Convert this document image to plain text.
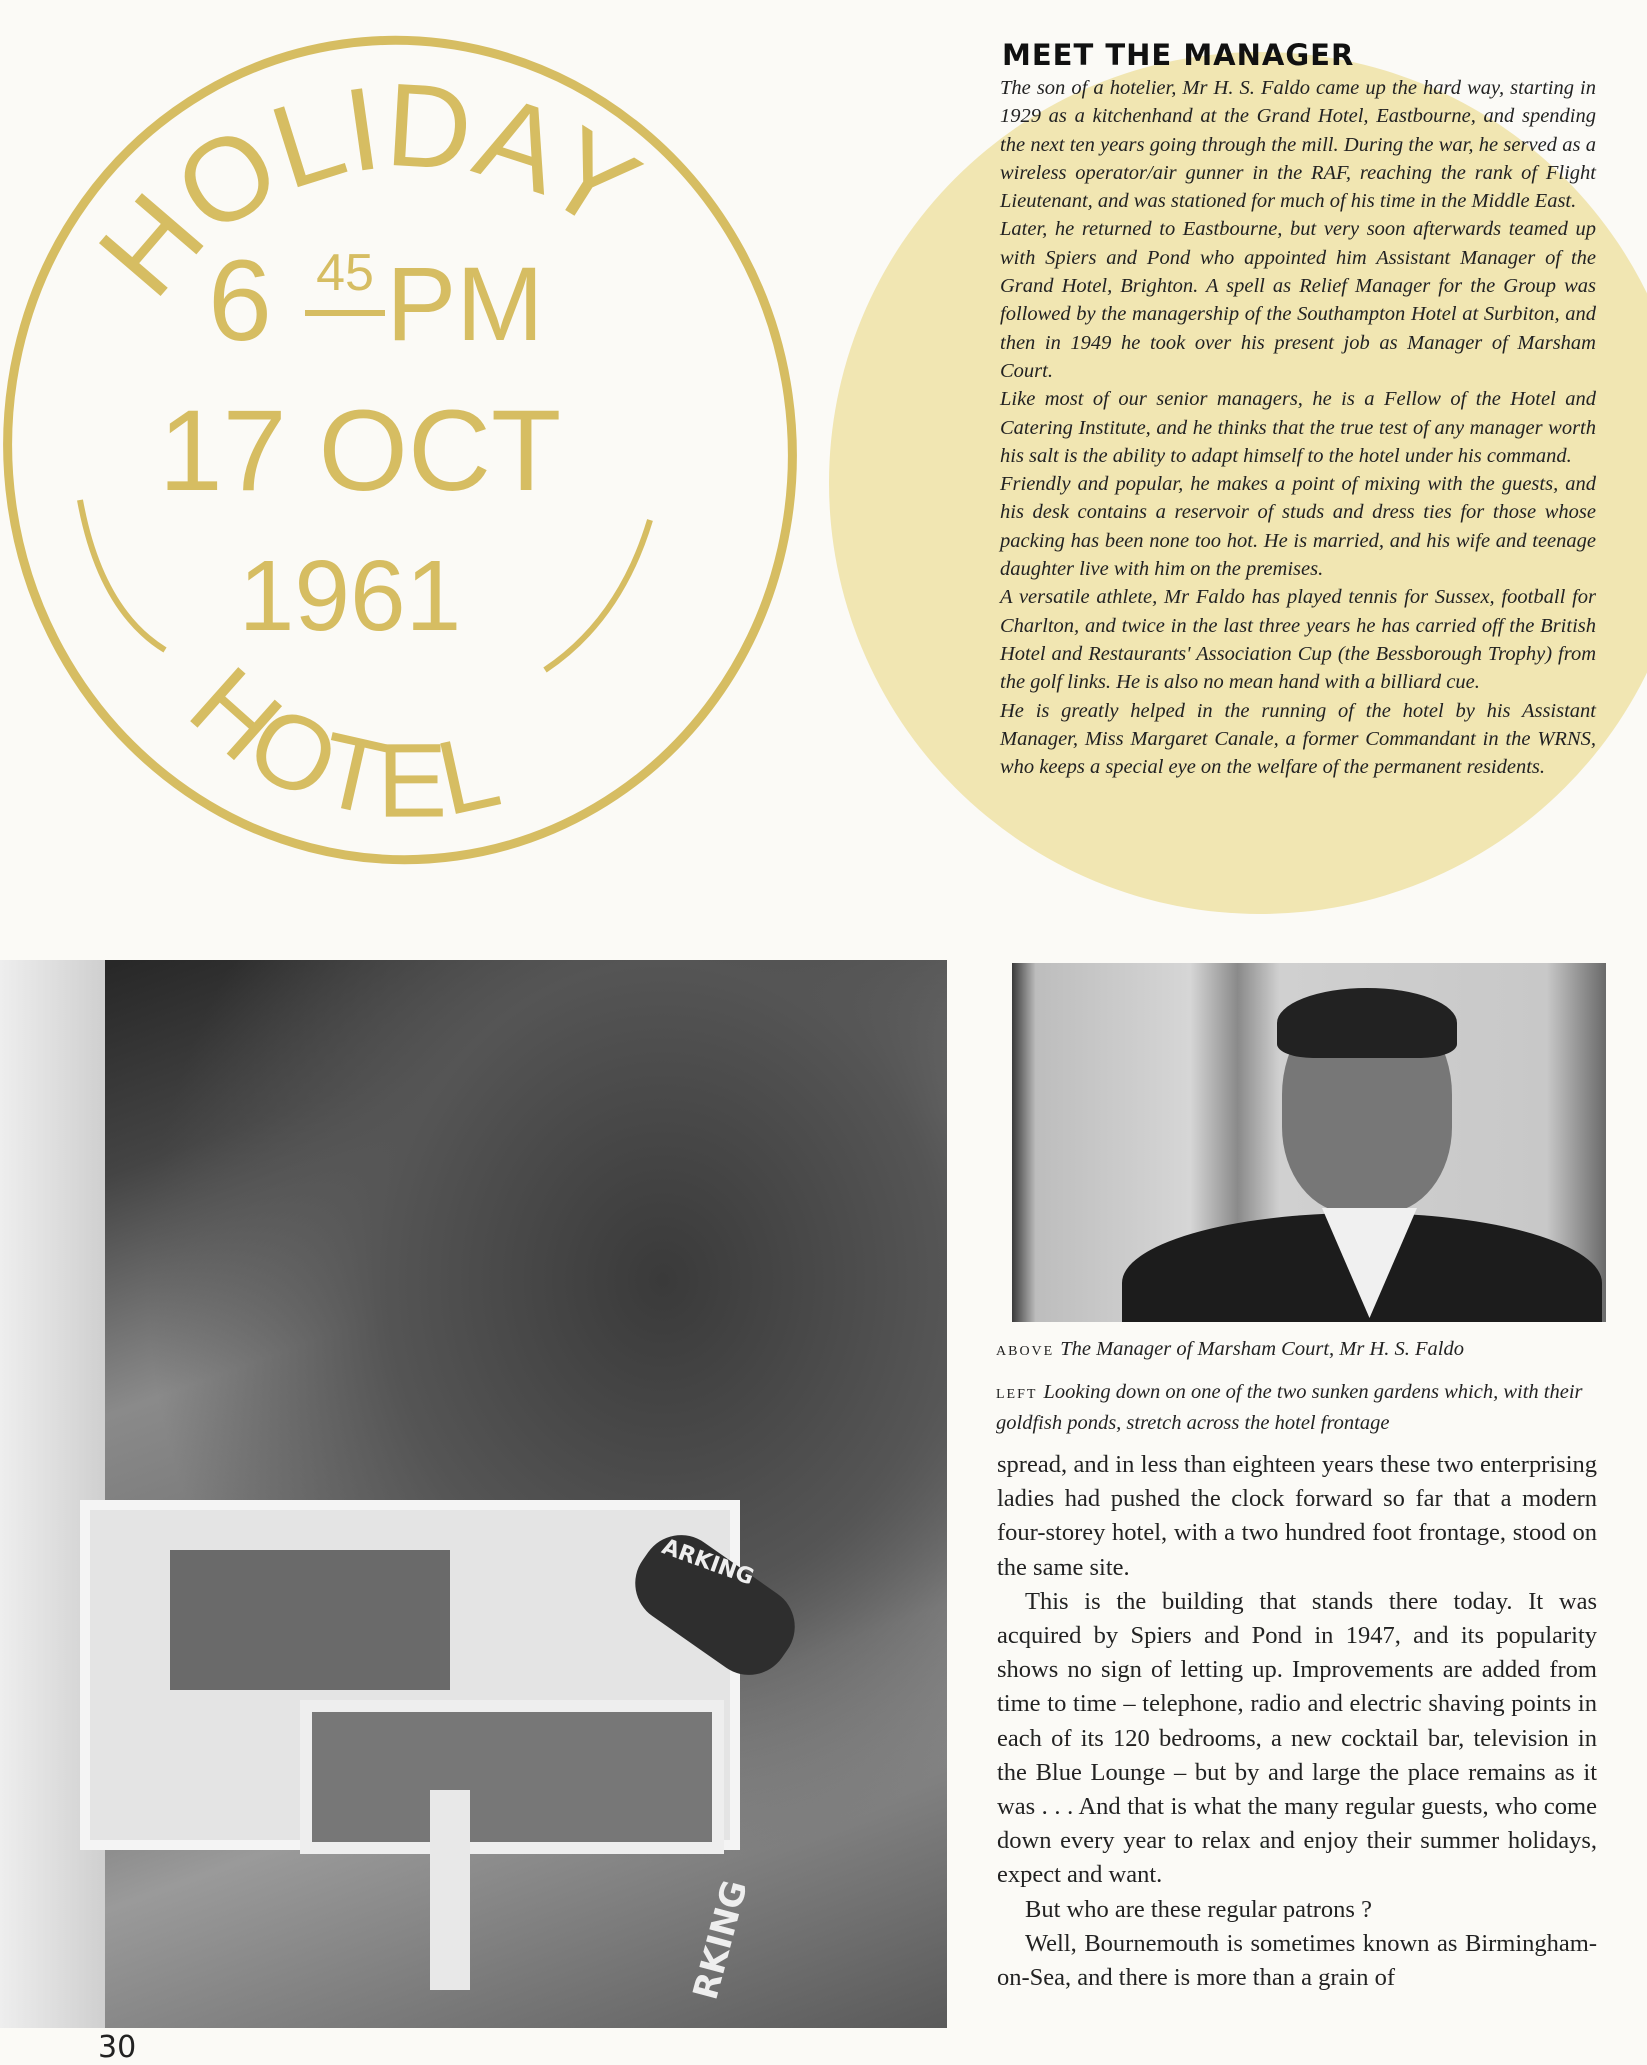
HOLIDAY
6 45 PM
17 OCT
1961
HOTEL
MEET THE MANAGER

The son of a hotelier, Mr H. S. Faldo came up the hard way, starting in 1929 as a kitchenhand at the Grand Hotel, Eastbourne, and spending the next ten years going through the mill. During the war, he served as a wireless operator/air gunner in the RAF, reaching the rank of Flight Lieutenant, and was stationed for much of his time in the Middle East.

Later, he returned to Eastbourne, but very soon afterwards teamed up with Spiers and Pond who appointed him Assistant Manager of the Grand Hotel, Brighton. A spell as Relief Manager for the Group was followed by the managership of the Southampton Hotel at Surbiton, and then in 1949 he took over his present job as Manager of Marsham Court.

Like most of our senior managers, he is a Fellow of the Hotel and Catering Institute, and he thinks that the true test of any manager worth his salt is the ability to adapt himself to the hotel under his command.

Friendly and popular, he makes a point of mixing with the guests, and his desk contains a reservoir of studs and dress ties for those whose packing has been none too hot. He is married, and his wife and teenage daughter live with him on the premises.

A versatile athlete, Mr Faldo has played tennis for Sussex, football for Charlton, and twice in the last three years he has carried off the British Hotel and Restaurants' Association Cup (the Bessborough Trophy) from the golf links. He is also no mean hand with a billiard cue.

He is greatly helped in the running of the hotel by his Assistant Manager, Miss Margaret Canale, a former Commandant in the WRNS, who keeps a special eye on the welfare of the permanent residents.

ARKING
RKING
ABOVE The Manager of Marsham Court, Mr H. S. Faldo
LEFT Looking down on one of the two sunken gardens which, with their goldfish ponds, stretch across the hotel frontage

spread, and in less than eighteen years these two enterprising ladies had pushed the clock forward so far that a modern four-storey hotel, with a two hundred foot frontage, stood on the same site.

This is the building that stands there today. It was acquired by Spiers and Pond in 1947, and its popularity shows no sign of letting up. Improvements are added from time to time – telephone, radio and electric shaving points in each of its 120 bedrooms, a new cocktail bar, television in the Blue Lounge – but by and large the place remains as it was . . . And that is what the many regular guests, who come down every year to relax and enjoy their summer holidays, expect and want.

But who are these regular patrons ?

Well, Bournemouth is sometimes known as Birmingham-on-Sea, and there is more than a grain of

30
